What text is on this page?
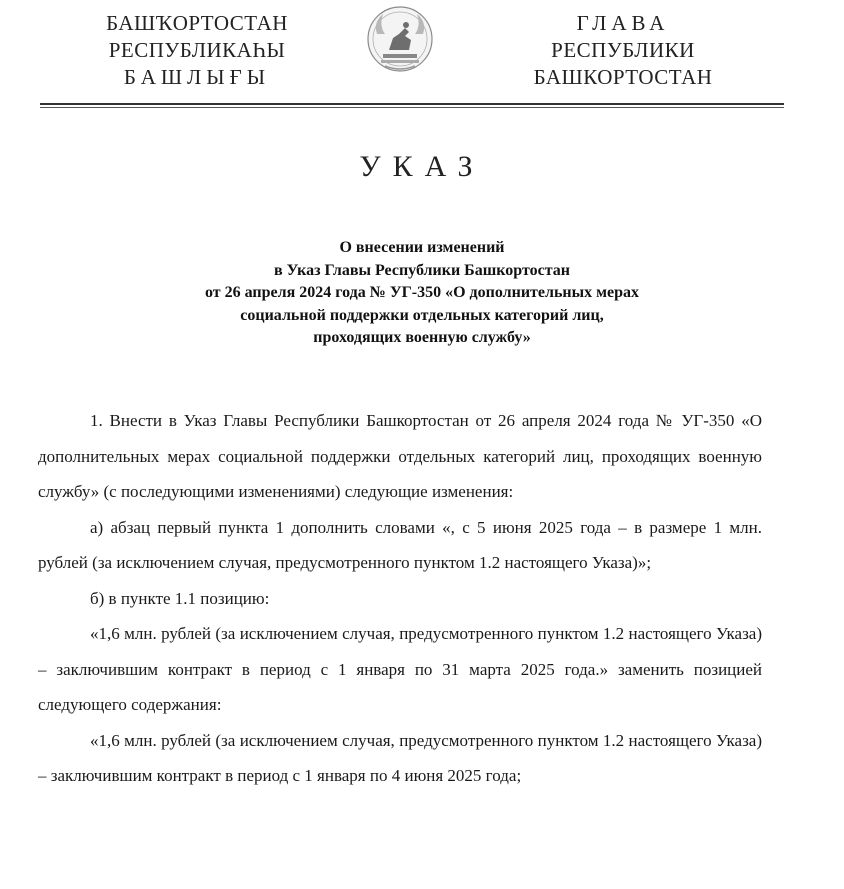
БАШҠОРТОСТАН
РЕСПУБЛИКАҺЫ
БАШЛЫҒЫ
ГЛАВА
РЕСПУБЛИКИ
БАШКОРТОСТАН
УКАЗ
О внесении изменений
в Указ Главы Республики Башкортостан
от 26 апреля 2024 года № УГ-350 «О дополнительных мерах
социальной поддержки отдельных категорий лиц,
проходящих военную службу»

1. Внести в Указ Главы Республики Башкортостан от 26 апреля 2024 года № УГ-350 «О дополнительных мерах социальной поддержки отдельных категорий лиц, проходящих военную службу» (с последующими изменениями) следующие изменения:

а) абзац первый пункта 1 дополнить словами «, с 5 июня 2025 года – в размере 1 млн. рублей (за исключением случая, предусмотренного пунктом 1.2 настоящего Указа)»;

б) в пункте 1.1 позицию:

«1,6 млн. рублей (за исключением случая, предусмотренного пунктом 1.2 настоящего Указа) – заключившим контракт в период с 1 января по 31 марта 2025 года.» заменить позицией следующего содержания:

«1,6 млн. рублей (за исключением случая, предусмотренного пунктом 1.2 настоящего Указа) – заключившим контракт в период с 1 января по 4 июня 2025 года;
